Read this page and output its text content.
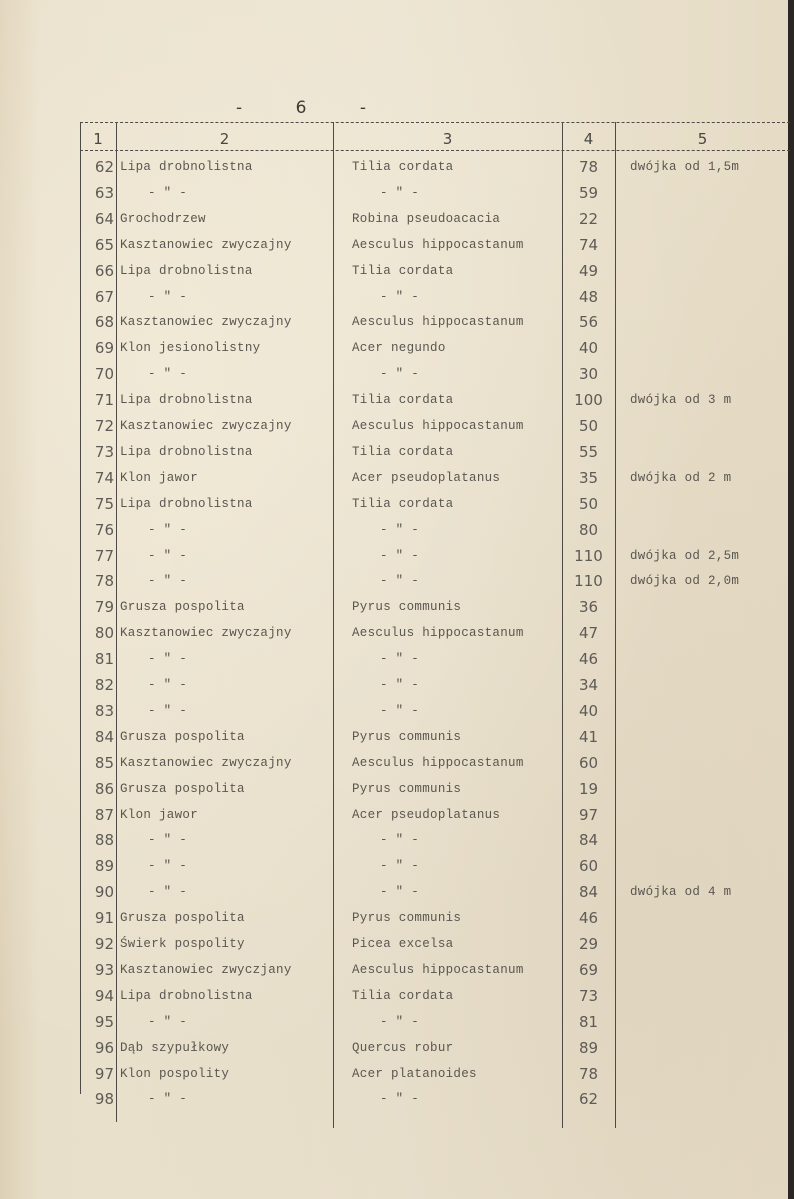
-	6	-
1	2	3	4	5
62 Lipa drobnolistna	Tilia cordata	78	dwójka od 1,5m
63	- " -	- " -	59
64 Grochodrzew	Robina pseudoacacia	22
65 Kasztanowiec zwyczajny	Aesculus hippocastanum	74
66 Lipa drobnolistna	Tilia cordata	49
67	- " -	- " -	48
68 Kasztanowiec zwyczajny	Aesculus hippocastanum	56
69 Klon jesionolistny	Acer negundo	40
70	- " -	- " -	30
71 Lipa drobnolistna	Tilia cordata	100	dwójka od 3 m
72 Kasztanowiec zwyczajny	Aesculus hippocastanum	50
73 Lipa drobnolistna	Tilia cordata	55
74 Klon jawor	Acer pseudoplatanus	35	dwójka od 2 m
75 Lipa drobnolistna	Tilia cordata	50
76	- " -	- " -	80
77	- " -	- " -	110	dwójka od 2,5m
78	- " -	- " -	110	dwójka od 2,0m
79 Grusza pospolita	Pyrus communis	36
80 Kasztanowiec zwyczajny	Aesculus hippocastanum	47
81	- " -	- " -	46
82	- " -	- " -	34
83	- " -	- " -	40
84 Grusza pospolita	Pyrus communis	41
85 Kasztanowiec zwyczajny	Aesculus hippocastanum	60
86 Grusza pospolita	Pyrus communis	19
87 Klon jawor	Acer pseudoplatanus	97
88	- " -	- " -	84
89	- " -	- " -	60
90	- " -	- " -	84	dwójka od 4 m
91 Grusza pospolita	Pyrus communis	46
92 Świerk pospolity	Picea excelsa	29
93 Kasztanowiec zwyczjany	Aesculus hippocastanum	69
94 Lipa drobnolistna	Tilia cordata	73
95	- " -	- " -	81
96 Dąb szypułkowy	Quercus robur	89
97 Klon pospolity	Acer platanoides	78
98	- " -	- " -	62
